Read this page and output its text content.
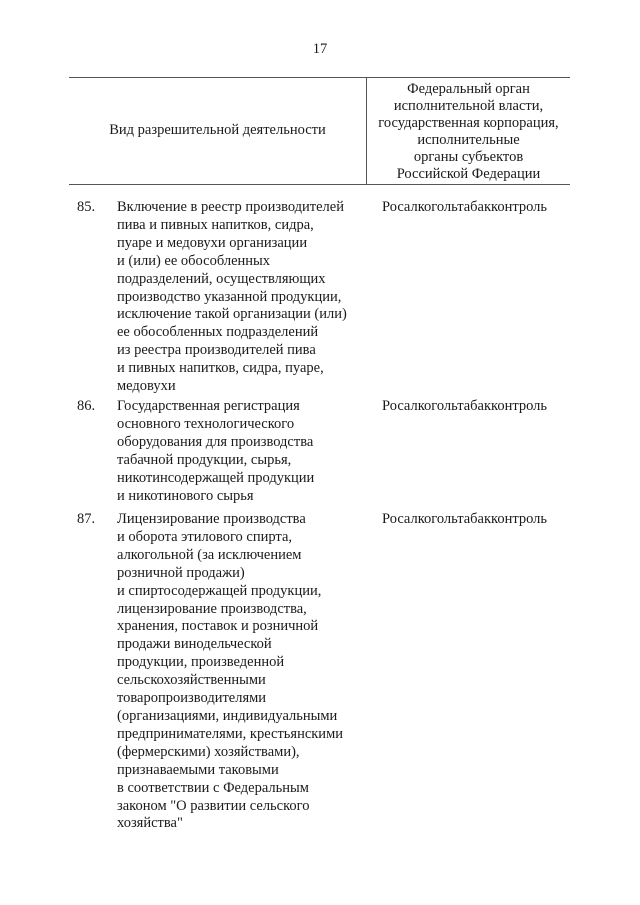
17
Вид разрешительной деятельности
Федеральный орган
исполнительной власти,
государственная корпорация,
исполнительные
органы субъектов
Российской Федерации
85. Включение в реестр производителей
пива и пивных напитков, сидра,
пуаре и медовухи организации
и (или) ее обособленных
подразделений, осуществляющих
производство указанной продукции,
исключение такой организации (или)
ее обособленных подразделений
из реестра производителей пива
и пивных напитков, сидра, пуаре,
медовухи
Росалкогольтабакконтроль
86. Государственная регистрация
основного технологического
оборудования для производства
табачной продукции, сырья,
никотинсодержащей продукции
и никотинового сырья
Росалкогольтабакконтроль
87. Лицензирование производства
и оборота этилового спирта,
алкогольной (за исключением
розничной продажи)
и спиртосодержащей продукции,
лицензирование производства,
хранения, поставок и розничной
продажи винодельческой
продукции, произведенной
сельскохозяйственными
товаропроизводителями
(организациями, индивидуальными
предпринимателями, крестьянскими
(фермерскими) хозяйствами),
признаваемыми таковыми
в соответствии с Федеральным
законом "О развитии сельского
хозяйства"
Росалкогольтабакконтроль
